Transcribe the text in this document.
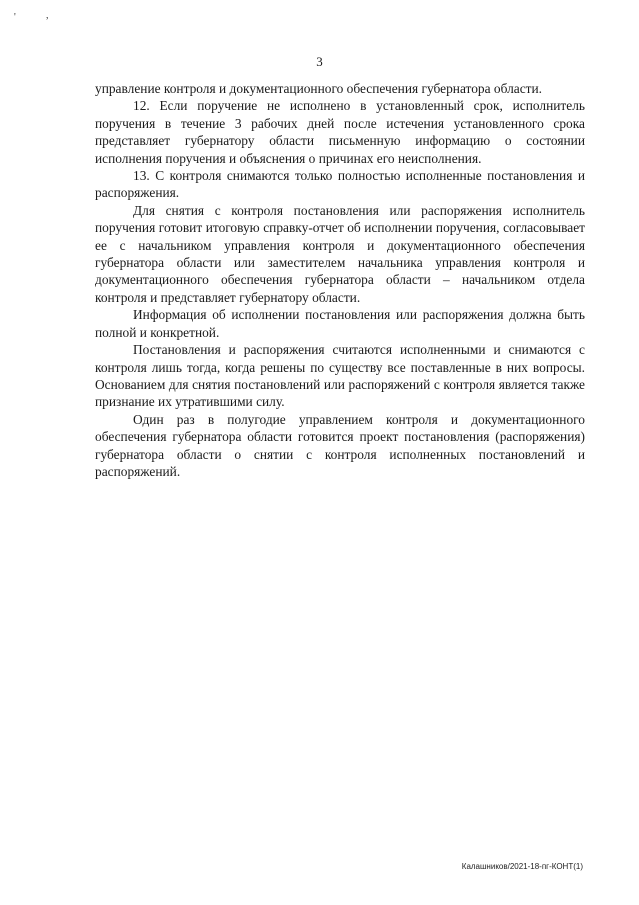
'	,
3

управление контроля и документационного обеспечения губернатора области.

12. Если поручение не исполнено в установленный срок, исполнитель поручения в течение 3 рабочих дней после истечения установленного срока представляет губернатору области письменную информацию о состоянии исполнения поручения и объяснения о причинах его неисполнения.

13. С контроля снимаются только полностью исполненные постановления и распоряжения.

Для снятия с контроля постановления или распоряжения исполнитель поручения готовит итоговую справку-отчет об исполнении поручения, согласовывает ее с начальником управления контроля и документационного обеспечения губернатора области или заместителем начальника управления контроля и документационного обеспечения губернатора области – начальником отдела контроля и представляет губернатору области.

Информация об исполнении постановления или распоряжения должна быть полной и конкретной.

Постановления и распоряжения считаются исполненными и снимаются с контроля лишь тогда, когда решены по существу все поставленные в них вопросы. Основанием для снятия постановлений или распоряжений с контроля является также признание их утратившими силу.

Один раз в полугодие управлением контроля и документационного обеспечения губернатора области готовится проект постановления (распоряжения) губернатора области о снятии с контроля исполненных постановлений и распоряжений.

Калашников/2021-18-пг-КОНТ(1)
